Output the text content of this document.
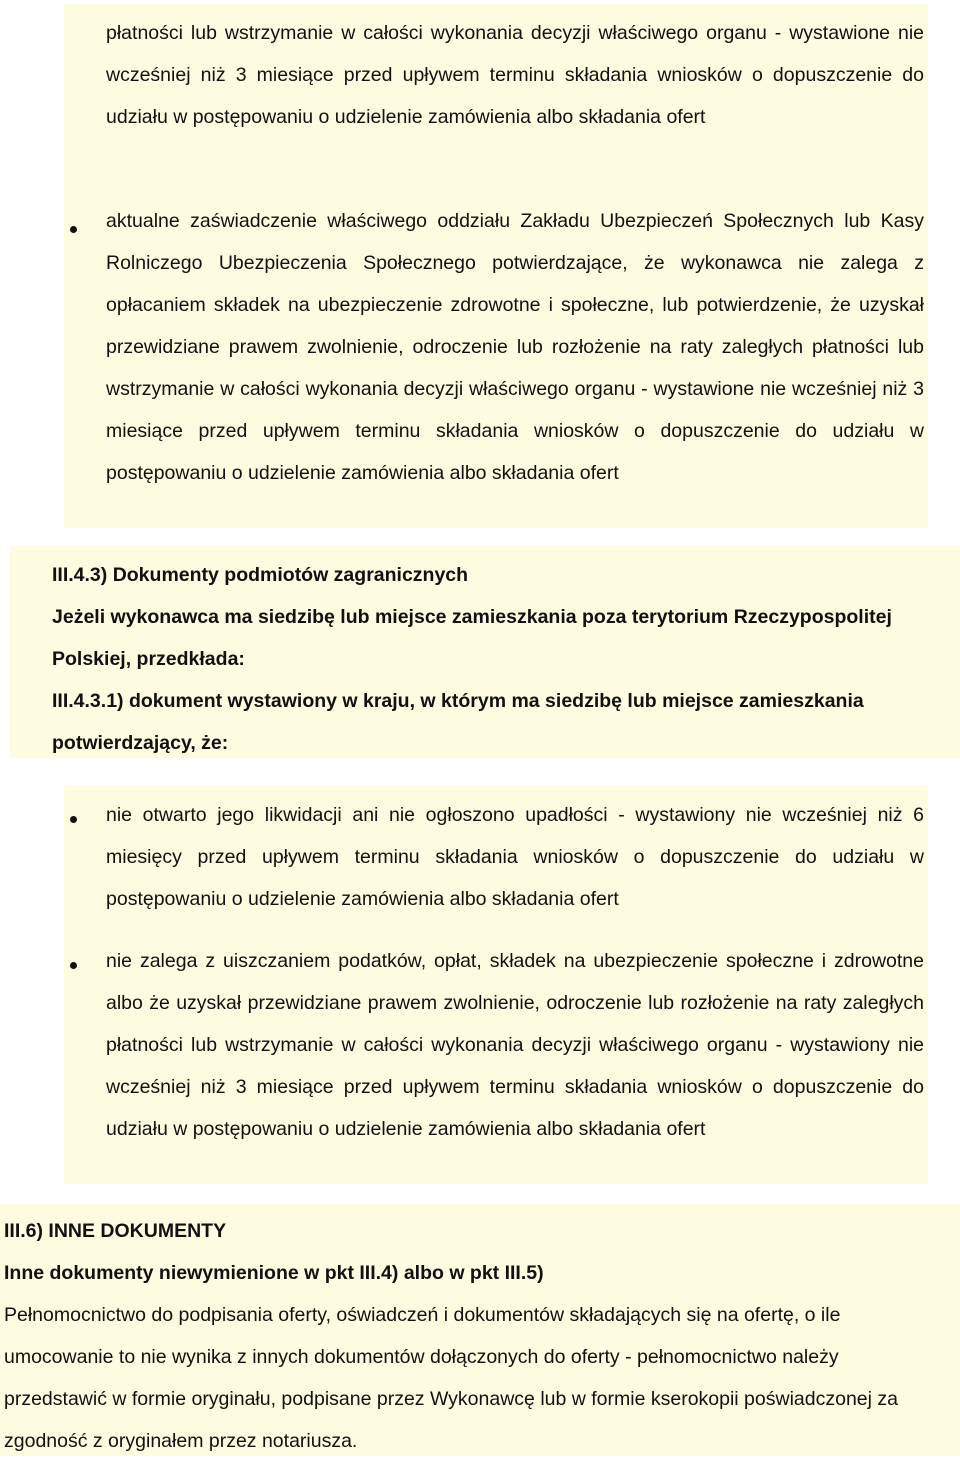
płatności lub wstrzymanie w całości wykonania decyzji właściwego organu - wystawione nie wcześniej niż 3 miesiące przed upływem terminu składania wniosków o dopuszczenie do udziału w postępowaniu o udzielenie zamówienia albo składania ofert

aktualne zaświadczenie właściwego oddziału Zakładu Ubezpieczeń Społecznych lub Kasy Rolniczego Ubezpieczenia Społecznego potwierdzające, że wykonawca nie zalega z opłacaniem składek na ubezpieczenie zdrowotne i społeczne, lub potwierdzenie, że uzyskał przewidziane prawem zwolnienie, odroczenie lub rozłożenie na raty zaległych płatności lub wstrzymanie w całości wykonania decyzji właściwego organu - wystawione nie wcześniej niż 3 miesiące przed upływem terminu składania wniosków o dopuszczenie do udziału w postępowaniu o udzielenie zamówienia albo składania ofert

III.4.3) Dokumenty podmiotów zagranicznych

Jeżeli wykonawca ma siedzibę lub miejsce zamieszkania poza terytorium Rzeczypospolitej Polskiej, przedkłada:

III.4.3.1) dokument wystawiony w kraju, w którym ma siedzibę lub miejsce zamieszkania potwierdzający, że:

nie otwarto jego likwidacji ani nie ogłoszono upadłości - wystawiony nie wcześniej niż 6 miesięcy przed upływem terminu składania wniosków o dopuszczenie do udziału w postępowaniu o udzielenie zamówienia albo składania ofert

nie zalega z uiszczaniem podatków, opłat, składek na ubezpieczenie społeczne i zdrowotne albo że uzyskał przewidziane prawem zwolnienie, odroczenie lub rozłożenie na raty zaległych płatności lub wstrzymanie w całości wykonania decyzji właściwego organu - wystawiony nie wcześniej niż 3 miesiące przed upływem terminu składania wniosków o dopuszczenie do udziału w postępowaniu o udzielenie zamówienia albo składania ofert

III.6) INNE DOKUMENTY

Inne dokumenty niewymienione w pkt III.4) albo w pkt III.5)

Pełnomocnictwo do podpisania oferty, oświadczeń i dokumentów składających się na ofertę, o ile umocowanie to nie wynika z innych dokumentów dołączonych do oferty - pełnomocnictwo należy przedstawić w formie oryginału, podpisane przez Wykonawcę lub w formie kserokopii poświadczonej za zgodność z oryginałem przez notariusza.
